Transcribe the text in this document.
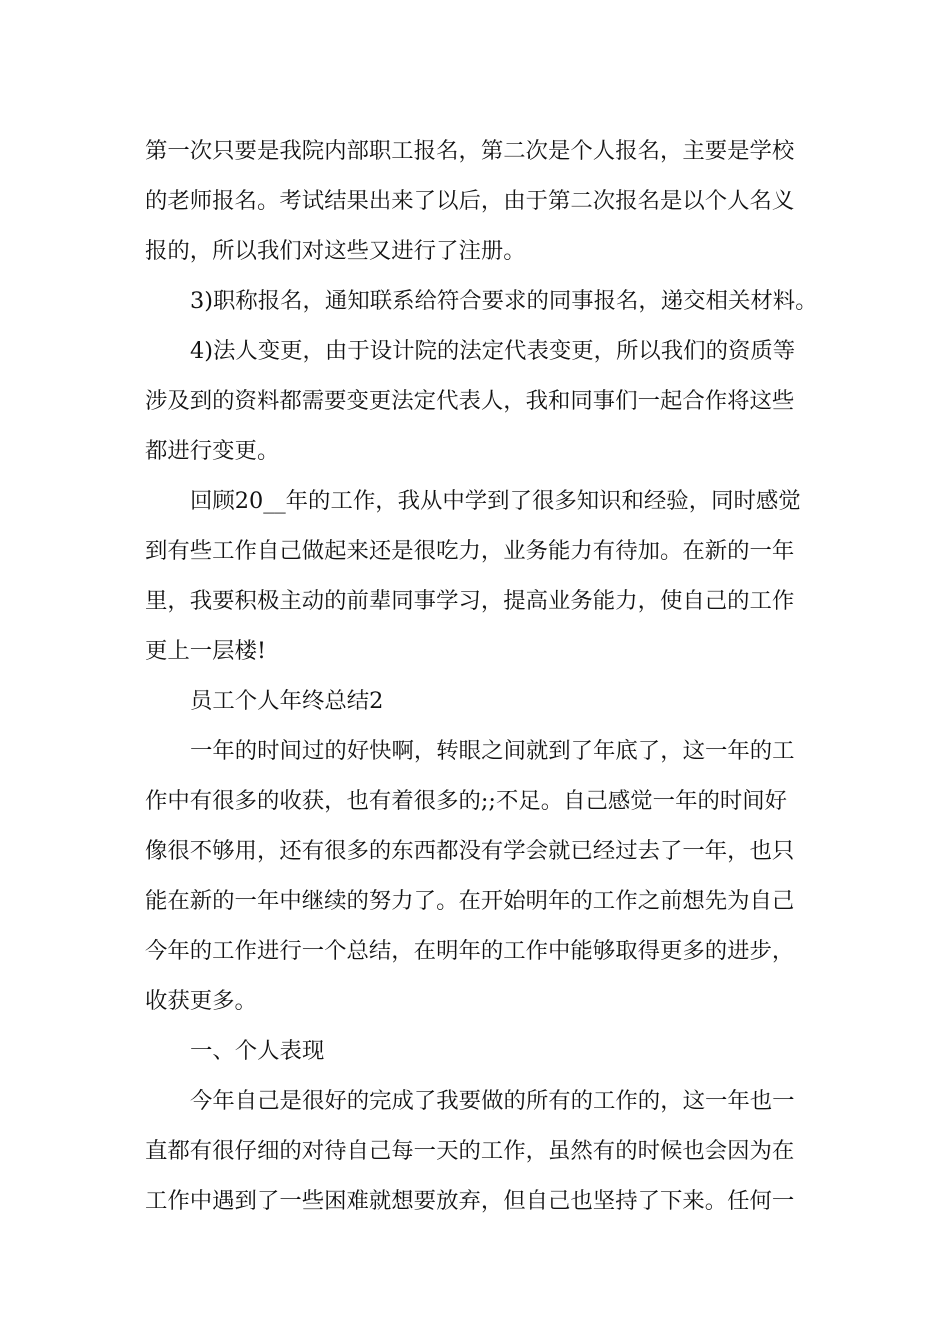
第一次只要是我院内部职工报名，第二次是个人报名，主要是学校
的老师报名。考试结果出来了以后，由于第二次报名是以个人名义
报的，所以我们对这些又进行了注册。
3)职称报名，通知联系给符合要求的同事报名，递交相关材料。
4)法人变更，由于设计院的法定代表变更，所以我们的资质等
涉及到的资料都需要变更法定代表人，我和同事们一起合作将这些
都进行变更。
回顾20__年的工作，我从中学到了很多知识和经验，同时感觉
到有些工作自己做起来还是很吃力，业务能力有待加。在新的一年
里，我要积极主动的前辈同事学习，提高业务能力，使自己的工作
更上一层楼!
员工个人年终总结2
一年的时间过的好快啊，转眼之间就到了年底了，这一年的工
作中有很多的收获，也有着很多的;;不足。自己感觉一年的时间好
像很不够用，还有很多的东西都没有学会就已经过去了一年，也只
能在新的一年中继续的努力了。在开始明年的工作之前想先为自己
今年的工作进行一个总结，在明年的工作中能够取得更多的进步，
收获更多。
一、个人表现
今年自己是很好的完成了我要做的所有的工作的，这一年也一
直都有很仔细的对待自己每一天的工作，虽然有的时候也会因为在
工作中遇到了一些困难就想要放弃，但自己也坚持了下来。任何一
